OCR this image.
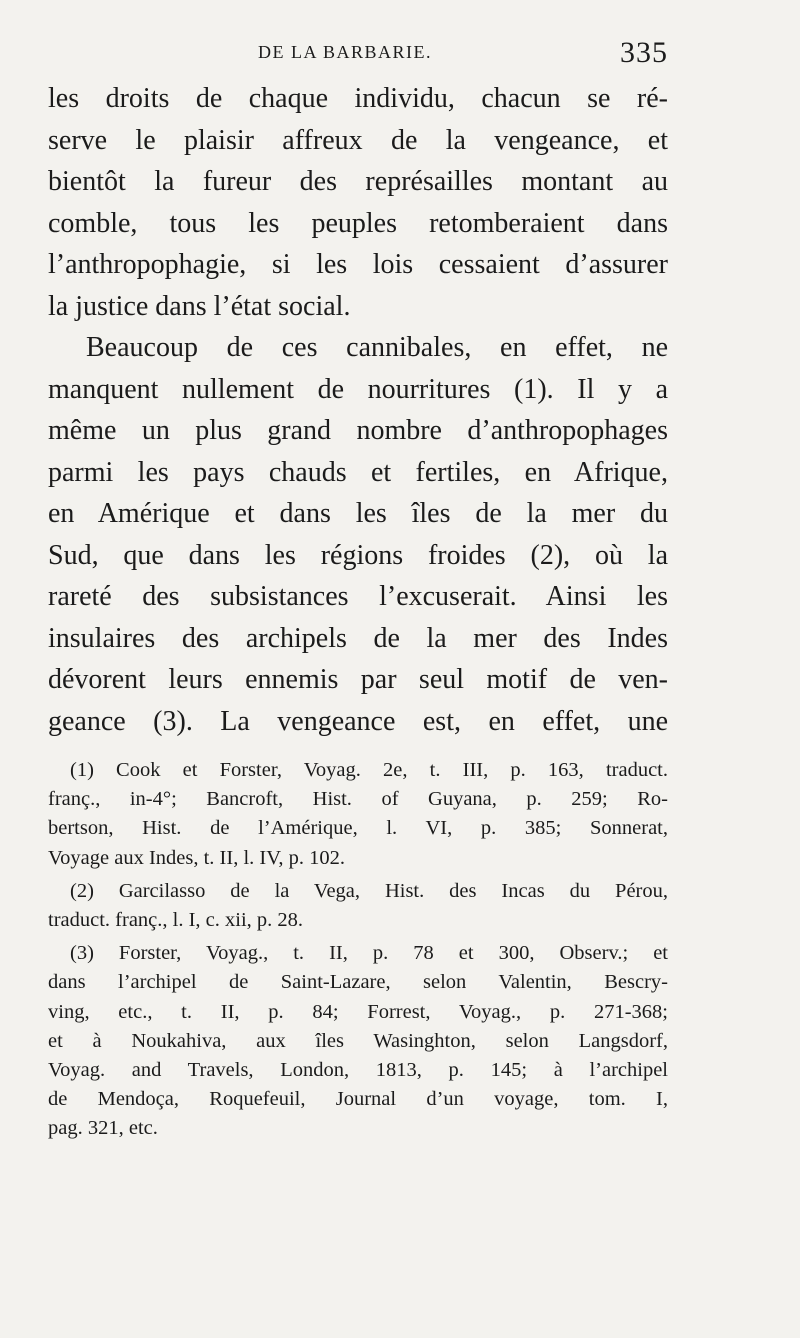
DE LA BARBARIE.	335
les droits de chaque individu, chacun se ré-
serve le plaisir affreux de la vengeance, et
bientôt la fureur des représailles montant au
comble, tous les peuples retomberaient dans
l’anthropophagie, si les lois cessaient d’assurer
la justice dans l’état social.
Beaucoup de ces cannibales, en effet, ne
manquent nullement de nourritures (1). Il y a
même un plus grand nombre d’anthropophages
parmi les pays chauds et fertiles, en Afrique,
en Amérique et dans les îles de la mer du
Sud, que dans les régions froides (2), où la
rareté des subsistances l’excuserait. Ainsi les
insulaires des archipels de la mer des Indes
dévorent leurs ennemis par seul motif de ven-
geance (3). La vengeance est, en effet, une
(1) Cook et Forster, Voyag. 2e, t. III, p. 163, traduct.
franç., in-4°; Bancroft, Hist. of Guyana, p. 259; Ro-
bertson, Hist. de l’Amérique, l. VI, p. 385; Sonnerat,
Voyage aux Indes, t. II, l. IV, p. 102.
(2) Garcilasso de la Vega, Hist. des Incas du Pérou,
traduct. franç., l. I, c. xii, p. 28.
(3) Forster, Voyag., t. II, p. 78 et 300, Observ.; et
dans l’archipel de Saint-Lazare, selon Valentin, Bescry-
ving, etc., t. II, p. 84; Forrest, Voyag., p. 271-368;
et à Noukahiva, aux îles Wasinghton, selon Langsdorf,
Voyag. and Travels, London, 1813, p. 145; à l’archipel
de Mendoça, Roquefeuil, Journal d’un voyage, tom. I,
pag. 321, etc.
